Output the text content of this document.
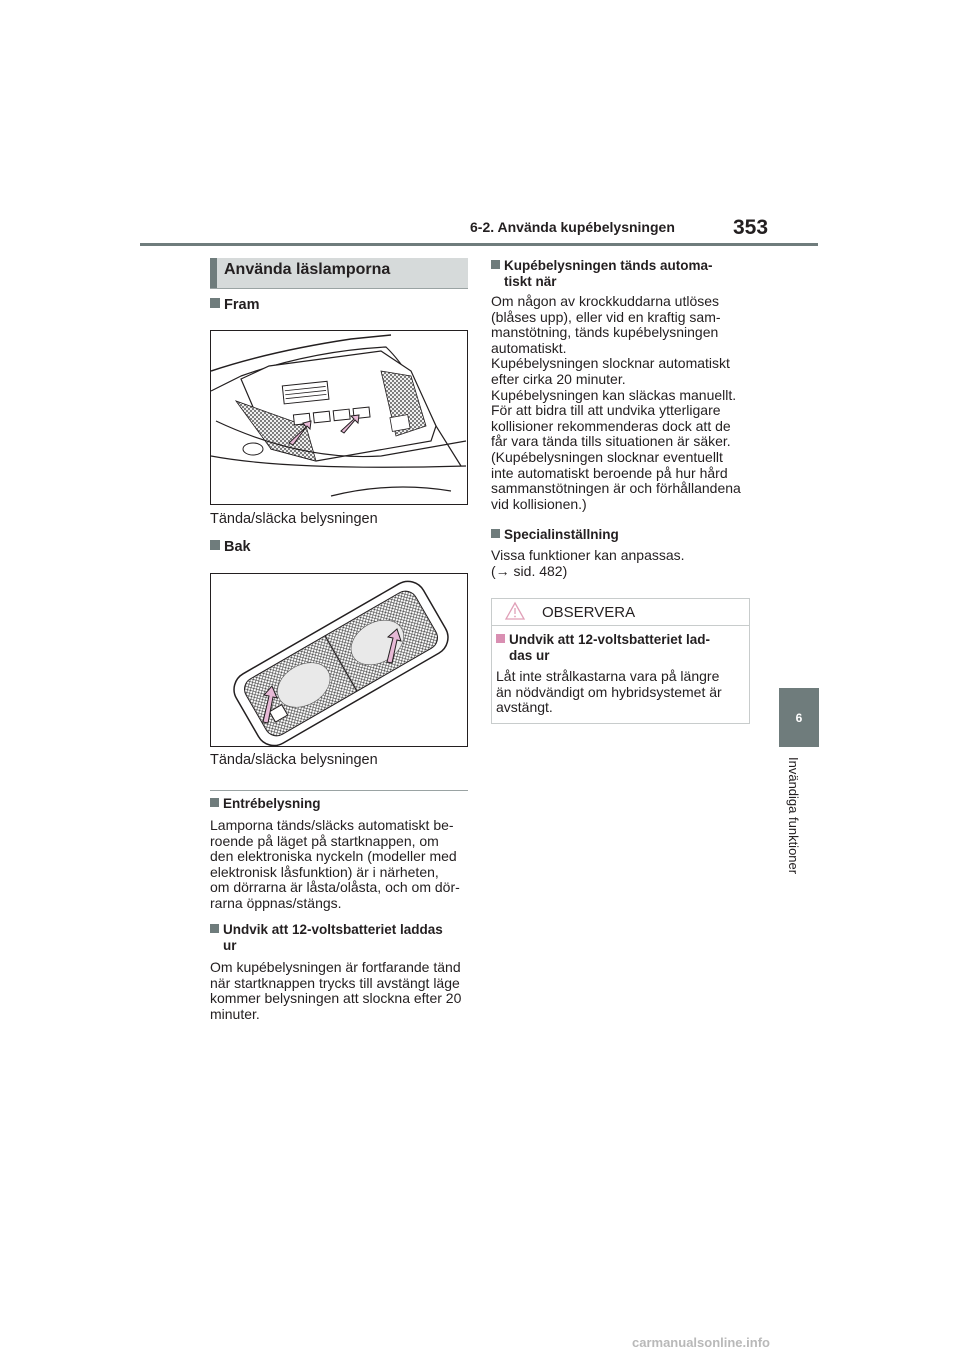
6-2. Använda kupébelysningen	353
6
Invändiga funktioner
Använda läslamporna
Fram
Tända/släcka belysningen
Bak
Tända/släcka belysningen
Entrébelysning
Lamporna tänds/släcks automatiskt be-
roende på läget på startknappen, om
den elektroniska nyckeln (modeller med
elektronisk låsfunktion) är i närheten,
om dörrarna är låsta/olåsta, och om dör-
rarna öppnas/stängs.
Undvik att 12-voltsbatteriet laddas
ur
Om kupébelysningen är fortfarande tänd
när startknappen trycks till avstängt läge
kommer belysningen att slockna efter 20
minuter.
Kupébelysningen tänds automa-
tiskt när
Om någon av krockkuddarna utlöses
(blåses upp), eller vid en kraftig sam-
manstötning, tänds kupébelysningen
automatiskt.
Kupébelysningen slocknar automatiskt
efter cirka 20 minuter.
Kupébelysningen kan släckas manuellt.
För att bidra till att undvika ytterligare
kollisioner rekommenderas dock att de
får vara tända tills situationen är säker.
(Kupébelysningen slocknar eventuellt
inte automatiskt beroende på hur hård
sammanstötningen är och förhållandena
vid kollisionen.)
Specialinställning
Vissa funktioner kan anpassas.
(→ sid. 482)
OBSERVERA
Undvik att 12-voltsbatteriet lad-
das ur
Låt inte strålkastarna vara på längre
än nödvändigt om hybridsystemet är
avstängt.
carmanualsonline.info
